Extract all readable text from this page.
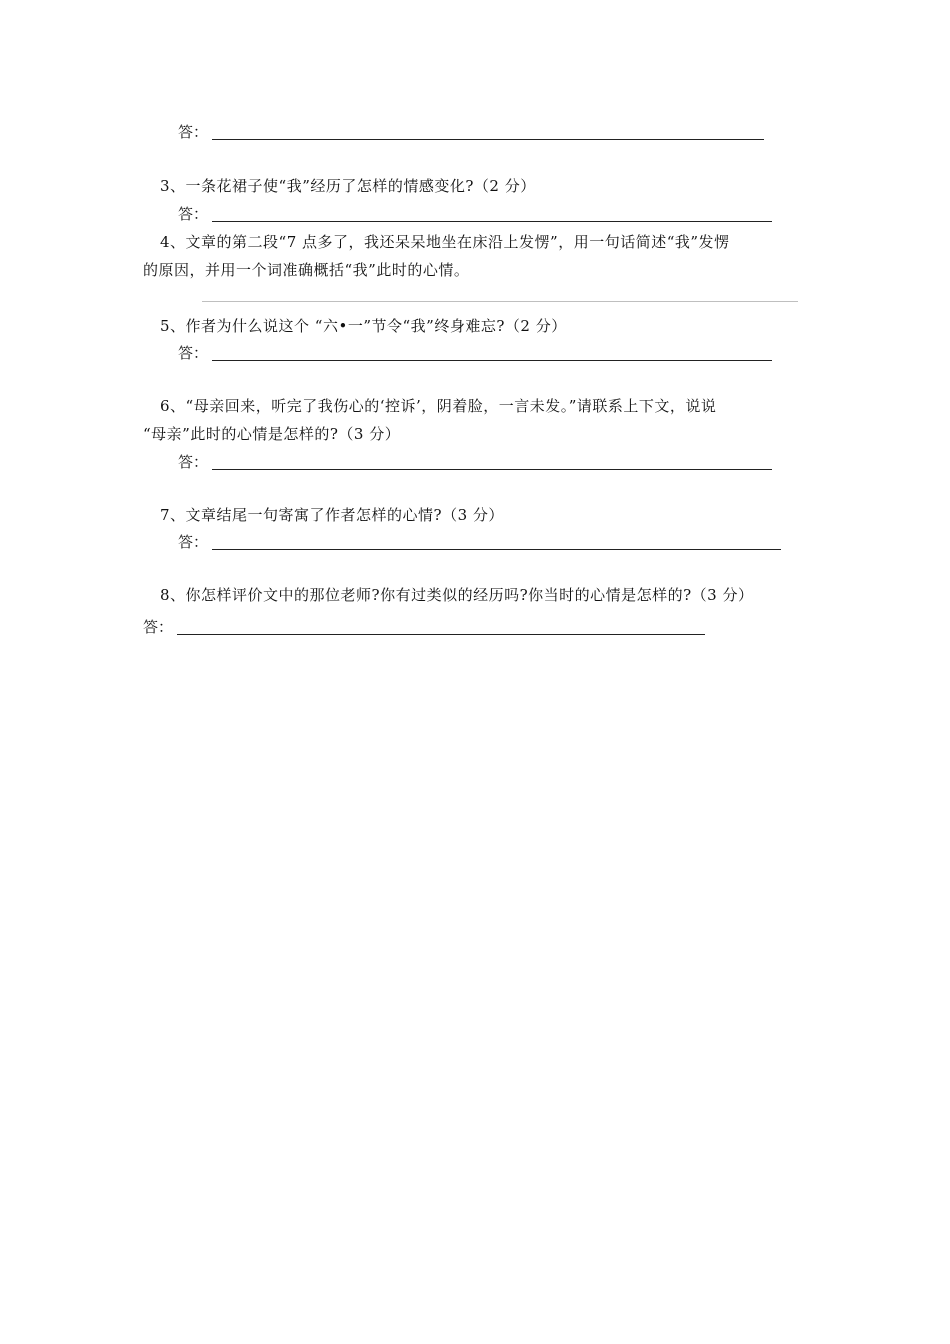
答：
3、一条花裙子使“我”经历了怎样的情感变化?（2 分）
答：
4、文章的第二段“7 点多了，我还呆呆地坐在床沿上发愣”，用一句话简述“我”发愣
的原因，并用一个词准确概括“我”此时的心情。
5、作者为什么说这个 “六•一”节令“我”终身难忘?（2 分）
答：
6、“母亲回来，听完了我伤心的‘控诉’，阴着脸，一言未发。”请联系上下文，说说
“母亲”此时的心情是怎样的?（3 分）
答：
7、文章结尾一句寄寓了作者怎样的心情?（3 分）
答：
8、你怎样评价文中的那位老师?你有过类似的经历吗?你当时的心情是怎样的?（3 分）
答：
